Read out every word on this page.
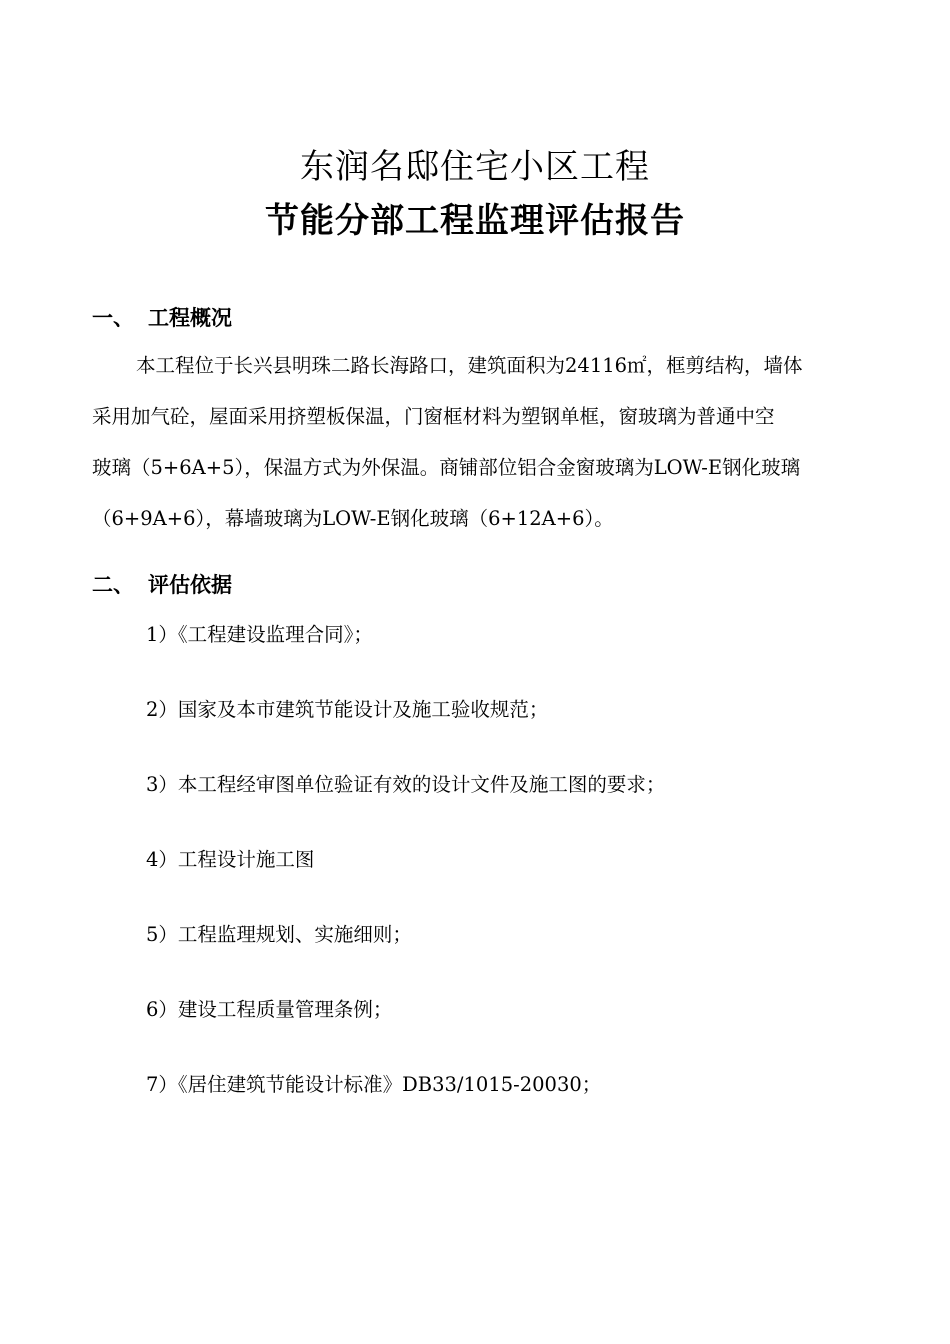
东润名邸住宅小区工程
节能分部工程监理评估报告
一、 工程概况
本工程位于长兴县明珠二路长海路口，建筑面积为24116㎡，框剪结构，墙体
采用加气砼，屋面采用挤塑板保温，门窗框材料为塑钢单框，窗玻璃为普通中空
玻璃（5+6A+5），保温方式为外保温。商铺部位铝合金窗玻璃为LOW-E钢化玻璃
（6+9A+6），幕墙玻璃为LOW-E钢化玻璃（6+12A+6）。
二、 评估依据
1）《工程建设监理合同》；
2）国家及本市建筑节能设计及施工验收规范；
3）本工程经审图单位验证有效的设计文件及施工图的要求；
4）工程设计施工图
5）工程监理规划、实施细则；
6）建设工程质量管理条例；
7）《居住建筑节能设计标准》DB33/1015-20030；
